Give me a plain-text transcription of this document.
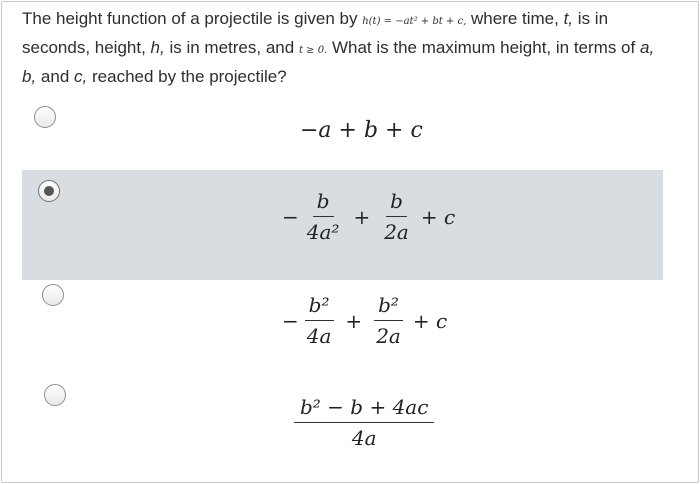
The height function of a projectile is given by h(t) = −at² + bt + c, where time, t, is in seconds, height, h, is in metres, and t ≥ 0. What is the maximum height, in terms of a, b, and c, reached by the projectile?
−a + b + c
− $\frac{b}{\text{4a²}} + \frac{b}{2a} + c$
− $\frac{\text{b²}}{4a} + \frac{\text{b²}}{2a} + c$
$\frac{\text{b² − b + 4ac}}{4a}$
